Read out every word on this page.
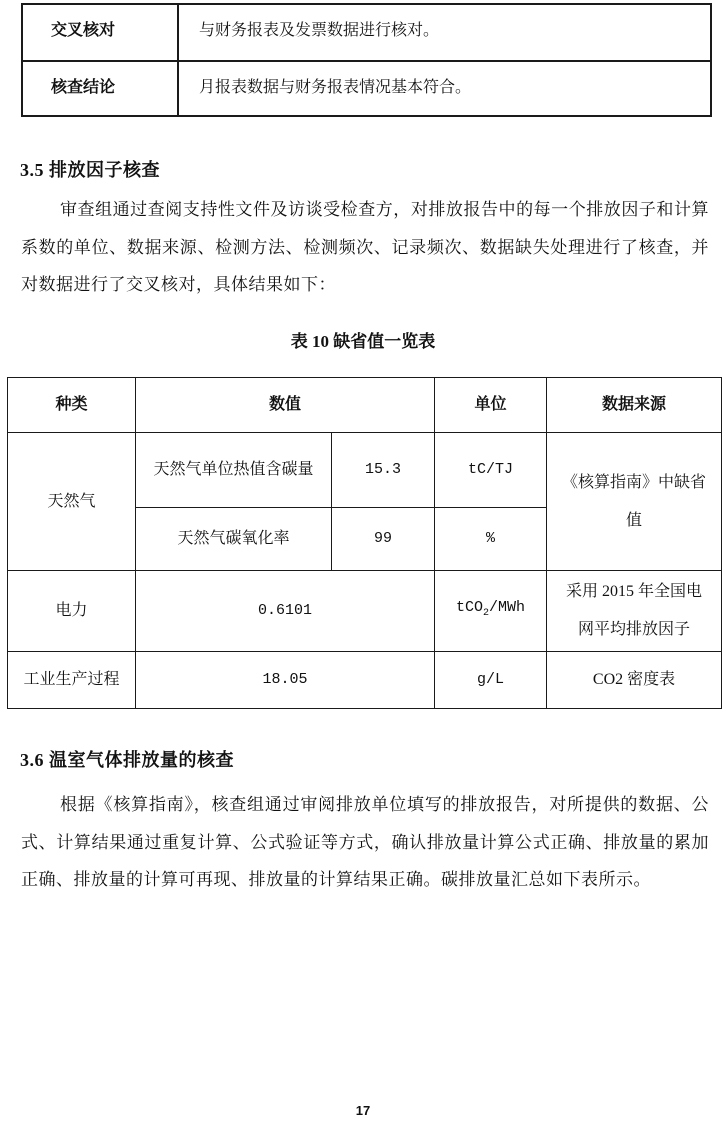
交叉核对	与财务报表及发票数据进行核对。
核查结论	月报表数据与财务报表情况基本符合。
3.5 排放因子核查
审查组通过查阅支持性文件及访谈受检查方，对排放报告中的每一个排放因子和计算系数的单位、数据来源、检测方法、检测频次、记录频次、数据缺失处理进行了核查，并对数据进行了交叉核对，具体结果如下：
表 10 缺省值一览表
种类	数值		单位	数据来源
天然气	天然气单位热值含碳量	15.3	tC/TJ	《核算指南》中缺省值
	天然气碳氧化率	99	%	
电力	0.6101		tCO$_2$/MWh	采用 2015 年全国电网平均排放因子
工业生产过程	18.05		g/L	CO2 密度表
3.6 温室气体排放量的核查
根据《核算指南》，核查组通过审阅排放单位填写的排放报告，对所提供的数据、公式、计算结果通过重复计算、公式验证等方式，确认排放量计算公式正确、排放量的累加正确、排放量的计算可再现、排放量的计算结果正确。碳排放量汇总如下表所示。
17
